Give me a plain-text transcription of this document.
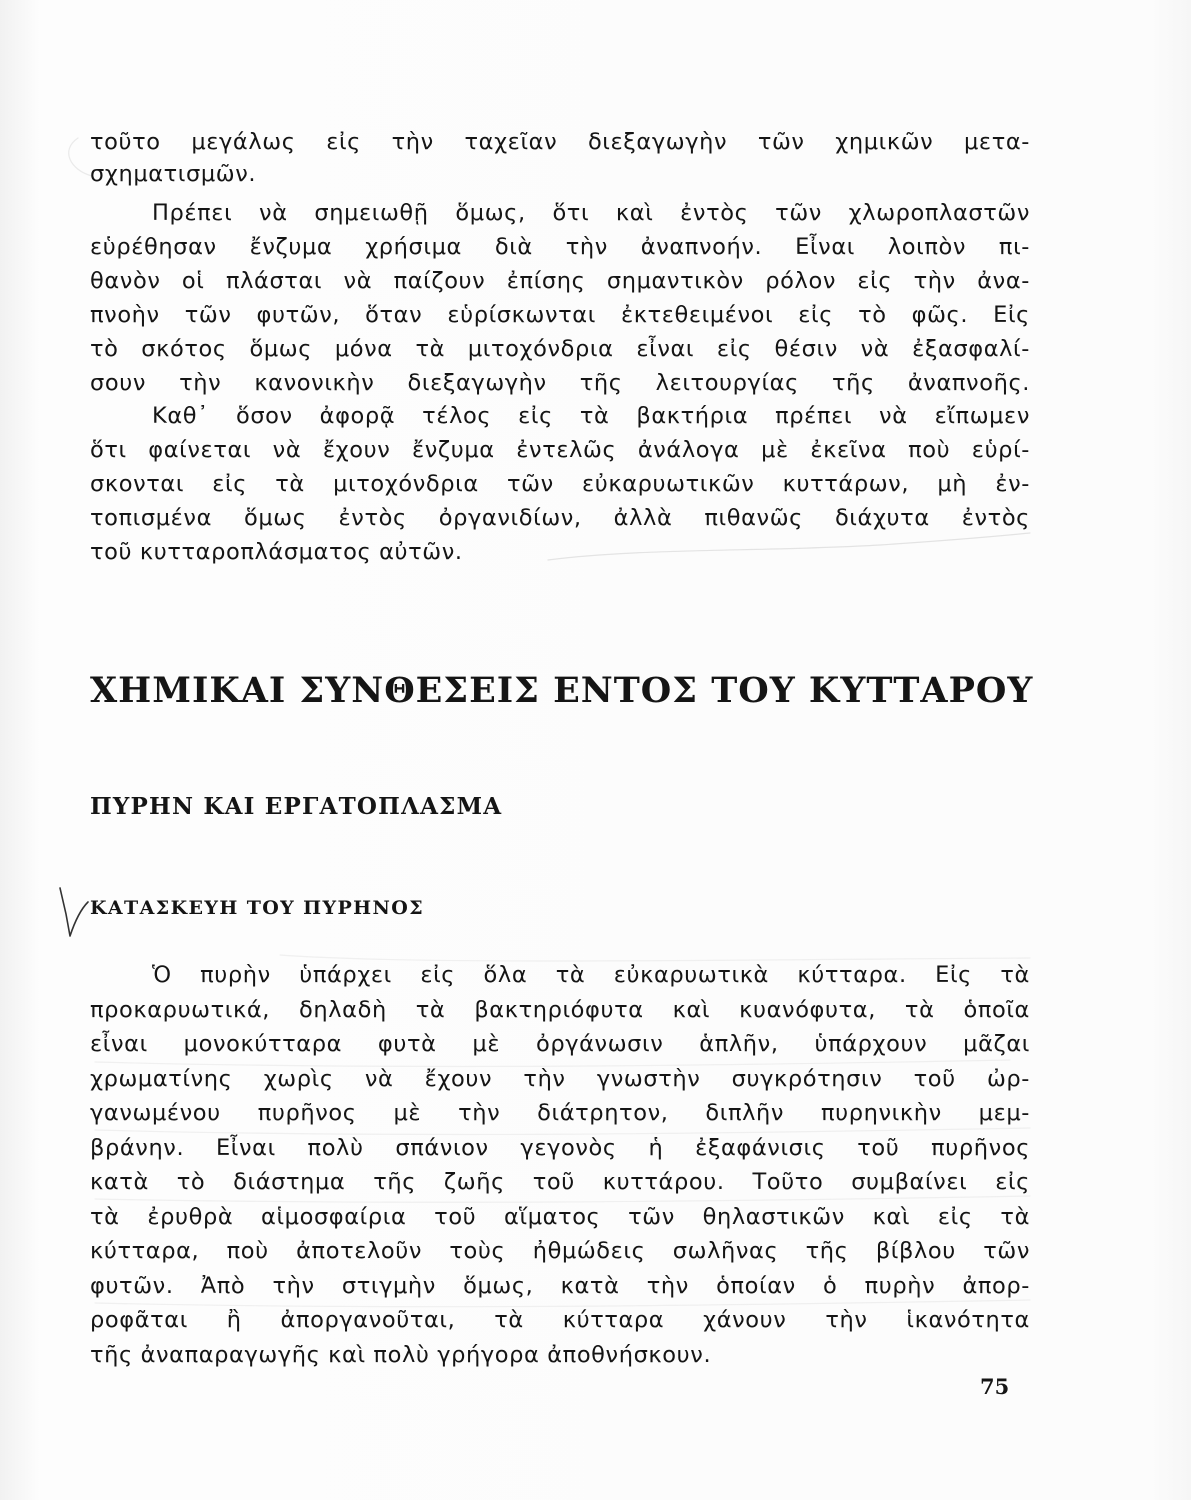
τοῦτο μεγάλως εἰς τὴν ταχεῖαν διεξαγωγὴν τῶν χημικῶν μετα-
σχηματισμῶν.
Πρέπει νὰ σημειωθῇ ὅμως, ὅτι καὶ ἐντὸς τῶν χλωροπλαστῶν
εὑρέθησαν ἔνζυμα χρήσιμα διὰ τὴν ἀναπνοήν. Εἶναι λοιπὸν πι-
θανὸν οἱ πλάσται νὰ παίζουν ἐπίσης σημαντικὸν ρόλον εἰς τὴν ἀνα-
πνοὴν τῶν φυτῶν, ὅταν εὑρίσκωνται ἐκτεθειμένοι εἰς τὸ φῶς. Εἰς
τὸ σκότος ὅμως μόνα τὰ μιτοχόνδρια εἶναι εἰς θέσιν νὰ ἐξασφαλί-
σουν τὴν κανονικὴν διεξαγωγὴν τῆς λειτουργίας τῆς ἀναπνοῆς.
Καθ᾿ ὅσον ἀφορᾷ τέλος εἰς τὰ βακτήρια πρέπει νὰ εἴπωμεν
ὅτι φαίνεται νὰ ἔχουν ἔνζυμα ἐντελῶς ἀνάλογα μὲ ἐκεῖνα ποὺ εὑρί-
σκονται εἰς τὰ μιτοχόνδρια τῶν εὐκαρυωτικῶν κυττάρων, μὴ ἐν-
τοπισμένα ὅμως ἐντὸς ὀργανιδίων, ἀλλὰ πιθανῶς διάχυτα ἐντὸς
τοῦ κυτταροπλάσματος αὐτῶν.
ΧΗΜΙΚΑΙ ΣΥΝΘΕΣΕΙΣ ΕΝΤΟΣ ΤΟΥ ΚΥΤΤΑΡΟΥ
ΠΥΡΗΝ ΚΑΙ ΕΡΓΑΤΟΠΛΑΣΜΑ
ΚΑΤΑΣΚΕΥΗ ΤΟΥ ΠΥΡΗΝΟΣ
Ὁ πυρὴν ὑπάρχει εἰς ὅλα τὰ εὐκαρυωτικὰ κύτταρα. Εἰς τὰ
προκαρυωτικά, δηλαδὴ τὰ βακτηριόφυτα καὶ κυανόφυτα, τὰ ὁποῖα
εἶναι μονοκύτταρα φυτὰ μὲ ὀργάνωσιν ἁπλῆν, ὑπάρχουν μᾶζαι
χρωματίνης χωρὶς νὰ ἔχουν τὴν γνωστὴν συγκρότησιν τοῦ ὠρ-
γανωμένου πυρῆνος μὲ τὴν διάτρητον, διπλῆν πυρηνικὴν μεμ-
βράνην. Εἶναι πολὺ σπάνιον γεγονὸς ἡ ἐξαφάνισις τοῦ πυρῆνος
κατὰ τὸ διάστημα τῆς ζωῆς τοῦ κυττάρου. Τοῦτο συμβαίνει εἰς
τὰ ἐρυθρὰ αἱμοσφαίρια τοῦ αἵματος τῶν θηλαστικῶν καὶ εἰς τὰ
κύτταρα, ποὺ ἀποτελοῦν τοὺς ἠθμώδεις σωλῆνας τῆς βίβλου τῶν
φυτῶν. Ἀπὸ τὴν στιγμὴν ὅμως, κατὰ τὴν ὁποίαν ὁ πυρὴν ἀπορ-
ροφᾶται ἢ ἀποργανοῦται, τὰ κύτταρα χάνουν τὴν ἱκανότητα
τῆς ἀναπαραγωγῆς καὶ πολὺ γρήγορα ἀποθνήσκουν.
75
